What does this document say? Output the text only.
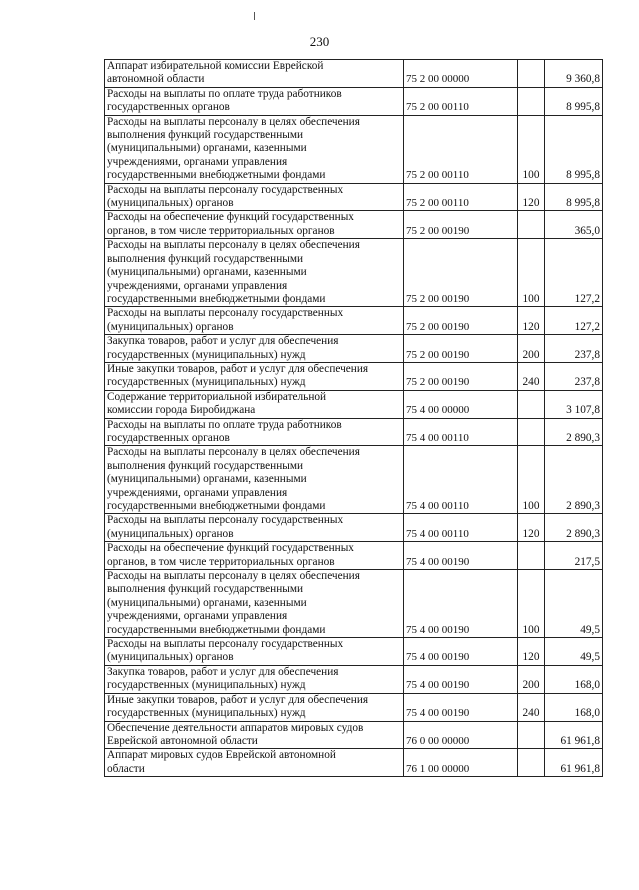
230
Аппарат избирательной комиссии Еврейской
автономной области	75 2 00 00000		9 360,8
Расходы на выплаты по оплате труда работников
государственных органов	75 2 00 00110		8 995,8
Расходы на выплаты персоналу в целях обеспечения
выполнения функций государственными
(муниципальными) органами, казенными
учреждениями, органами управления
государственными внебюджетными фондами	75 2 00 00110	100	8 995,8
Расходы на выплаты персоналу государственных
(муниципальных) органов	75 2 00 00110	120	8 995,8
Расходы на обеспечение функций государственных
органов, в том числе территориальных органов	75 2 00 00190		365,0
Расходы на выплаты персоналу в целях обеспечения
выполнения функций государственными
(муниципальными) органами, казенными
учреждениями, органами управления
государственными внебюджетными фондами	75 2 00 00190	100	127,2
Расходы на выплаты персоналу государственных
(муниципальных) органов	75 2 00 00190	120	127,2
Закупка товаров, работ и услуг для обеспечения
государственных (муниципальных) нужд	75 2 00 00190	200	237,8
Иные закупки товаров, работ и услуг для обеспечения
государственных (муниципальных) нужд	75 2 00 00190	240	237,8
Содержание территориальной избирательной
комиссии города Биробиджана	75 4 00 00000		3 107,8
Расходы на выплаты по оплате труда работников
государственных органов	75 4 00 00110		2 890,3
Расходы на выплаты персоналу в целях обеспечения
выполнения функций государственными
(муниципальными) органами, казенными
учреждениями, органами управления
государственными внебюджетными фондами	75 4 00 00110	100	2 890,3
Расходы на выплаты персоналу государственных
(муниципальных) органов	75 4 00 00110	120	2 890,3
Расходы на обеспечение функций государственных
органов, в том числе территориальных органов	75 4 00 00190		217,5
Расходы на выплаты персоналу в целях обеспечения
выполнения функций государственными
(муниципальными) органами, казенными
учреждениями, органами управления
государственными внебюджетными фондами	75 4 00 00190	100	49,5
Расходы на выплаты персоналу государственных
(муниципальных) органов	75 4 00 00190	120	49,5
Закупка товаров, работ и услуг для обеспечения
государственных (муниципальных) нужд	75 4 00 00190	200	168,0
Иные закупки товаров, работ и услуг для обеспечения
государственных (муниципальных) нужд	75 4 00 00190	240	168,0
Обеспечение деятельности аппаратов мировых судов
Еврейской автономной области	76 0 00 00000		61 961,8
Аппарат мировых судов Еврейской автономной
области	76 1 00 00000		61 961,8
